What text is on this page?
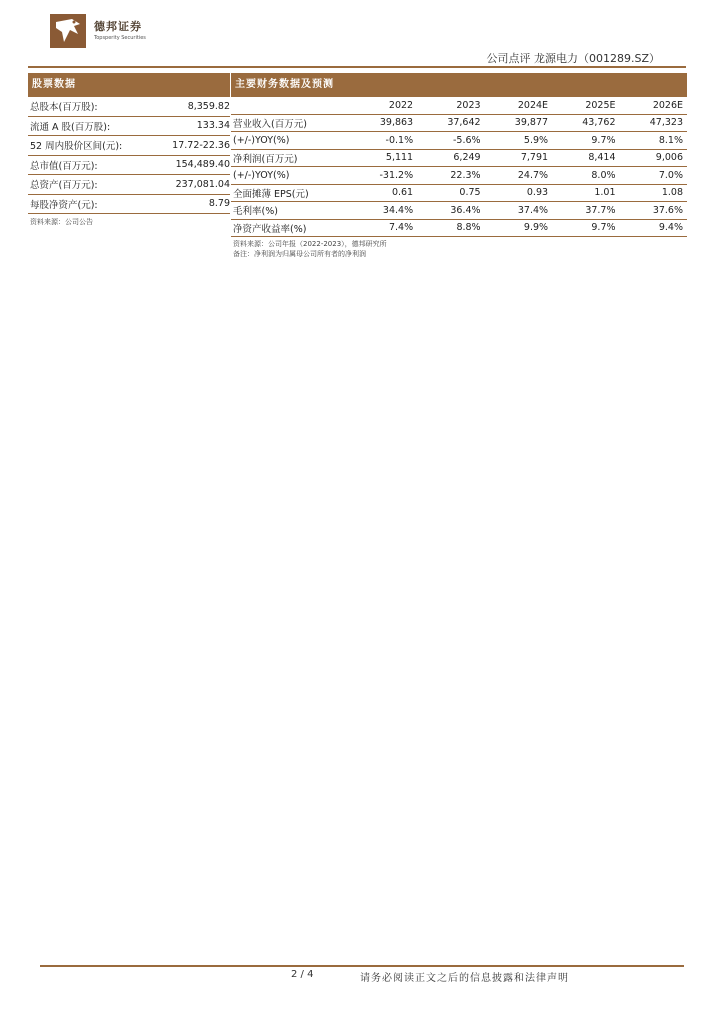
德邦证券
Topsperity Securities
公司点评 龙源电力（001289.SZ）
股票数据
总股本(百万股):	8,359.82
流通 A 股(百万股):	133.34
52 周内股价区间(元):	17.72-22.36
总市值(百万元):	154,489.40
总资产(百万元):	237,081.04
每股净资产(元):	8.79
资料来源：公司公告
主要财务数据及预测
	2022	2023	2024E	2025E	2026E
营业收入(百万元)	39,863	37,642	39,877	43,762	47,323
(+/-)YOY(%)	-0.1%	-5.6%	5.9%	9.7%	8.1%
净利润(百万元)	5,111	6,249	7,791	8,414	9,006
(+/-)YOY(%)	-31.2%	22.3%	24.7%	8.0%	7.0%
全面摊薄 EPS(元)	0.61	0.75	0.93	1.01	1.08
毛利率(%)	34.4%	36.4%	37.4%	37.7%	37.6%
净资产收益率(%)	7.4%	8.8%	9.9%	9.7%	9.4%
资料来源：公司年报（2022-2023），德邦研究所
备注：净利润为归属母公司所有者的净利润
2 / 4	请务必阅读正文之后的信息披露和法律声明
